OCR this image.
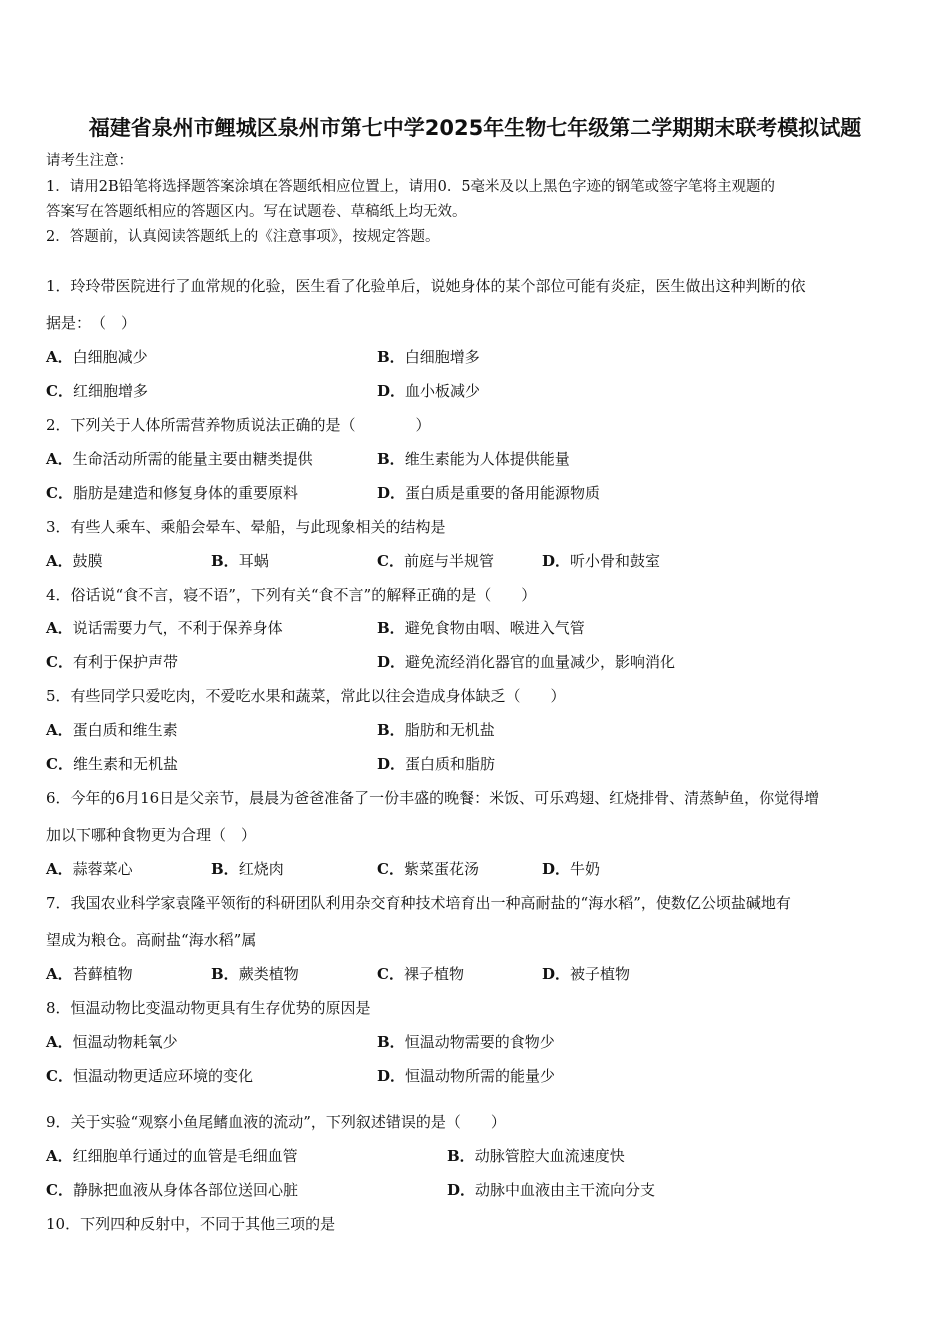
福建省泉州市鲤城区泉州市第七中学2025年生物七年级第二学期期末联考模拟试题
请考生注意：
1．请用2B铅笔将选择题答案涂填在答题纸相应位置上，请用0．5毫米及以上黑色字迹的钢笔或签字笔将主观题的
答案写在答题纸相应的答题区内。写在试题卷、草稿纸上均无效。
2．答题前，认真阅读答题纸上的《注意事项》，按规定答题。
1．玲玲带医院进行了血常规的化验，医生看了化验单后，说她身体的某个部位可能有炎症，医生做出这种判断的依
据是：　（　）
A．白细胞减少	B．白细胞增多
C．红细胞增多	D．血小板减少
2．下列关于人体所需营养物质说法正确的是（　　　　）
A．生命活动所需的能量主要由糖类提供	B．维生素能为人体提供能量
C．脂肪是建造和修复身体的重要原料	D．蛋白质是重要的备用能源物质
3．有些人乘车、乘船会晕车、晕船，与此现象相关的结构是
A．鼓膜	B．耳蜗	C．前庭与半规管	D．听小骨和鼓室
4．俗话说“食不言，寝不语”，下列有关“食不言”的解释正确的是（　　）
A．说话需要力气，不利于保养身体	B．避免食物由咽、喉进入气管
C．有利于保护声带	D．避免流经消化器官的血量减少，影响消化
5．有些同学只爱吃肉，不爱吃水果和蔬菜，常此以往会造成身体缺乏（　　）
A．蛋白质和维生素	B．脂肪和无机盐
C．维生素和无机盐	D．蛋白质和脂肪
6．今年的6月16日是父亲节，晨晨为爸爸准备了一份丰盛的晚餐：米饭、可乐鸡翅、红烧排骨、清蒸鲈鱼，你觉得增
加以下哪种食物更为合理（　）
A．蒜蓉菜心	B．红烧肉	C．紫菜蛋花汤	D．牛奶
7．我国农业科学家袁隆平领衔的科研团队利用杂交育种技术培育出一种高耐盐的“海水稻”，使数亿公顷盐碱地有
望成为粮仓。高耐盐“海水稻”属
A．苔藓植物	B．蕨类植物	C．裸子植物	D．被子植物
8．恒温动物比变温动物更具有生存优势的原因是
A．恒温动物耗氧少	B．恒温动物需要的食物少
C．恒温动物更适应环境的变化	D．恒温动物所需的能量少
9．关于实验“观察小鱼尾鳍血液的流动”，下列叙述错误的是（　　）
A．红细胞单行通过的血管是毛细血管	B．动脉管腔大血流速度快
C．静脉把血液从身体各部位送回心脏	D．动脉中血液由主干流向分支
10．下列四种反射中，不同于其他三项的是
